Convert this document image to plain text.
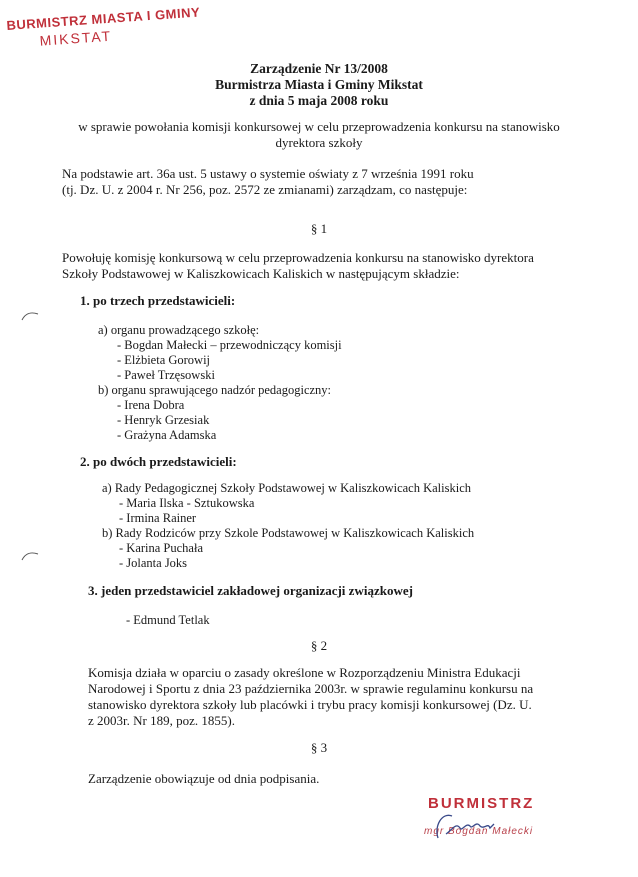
BURMISTRZ MIASTA I GMINY
MIKSTAT
Zarządzenie Nr 13/2008
Burmistrza Miasta i Gminy Mikstat
z dnia 5 maja 2008 roku
w sprawie powołania komisji konkursowej w celu przeprowadzenia konkursu na stanowisko
dyrektora szkoły
Na podstawie art. 36a ust. 5 ustawy o systemie oświaty z 7 września 1991 roku
(tj. Dz. U. z 2004 r. Nr 256, poz. 2572 ze zmianami) zarządzam, co następuje:
§ 1
Powołuję komisję konkursową w celu przeprowadzenia konkursu na stanowisko dyrektora
Szkoły Podstawowej w Kaliszkowicach Kaliskich w następującym składzie:
1. po trzech przedstawicieli:
a) organu prowadzącego szkołę:
- Bogdan Małecki – przewodniczący komisji
- Elżbieta Gorowij
- Paweł Trzęsowski
b) organu sprawującego nadzór pedagogiczny:
- Irena Dobra
- Henryk Grzesiak
- Grażyna Adamska
2. po dwóch przedstawicieli:
a) Rady Pedagogicznej Szkoły Podstawowej w Kaliszkowicach Kaliskich
- Maria Ilska - Sztukowska
- Irmina Rainer
b) Rady Rodziców przy Szkole Podstawowej w Kaliszkowicach Kaliskich
- Karina Puchała
- Jolanta Joks
3. jeden przedstawiciel zakładowej organizacji związkowej
- Edmund Tetlak
§ 2
Komisja działa w oparciu o zasady określone w Rozporządzeniu Ministra Edukacji
Narodowej i Sportu z dnia 23 października 2003r. w sprawie regulaminu konkursu na
stanowisko dyrektora szkoły lub placówki i trybu pracy komisji konkursowej (Dz. U.
z 2003r. Nr 189, poz. 1855).
§ 3
Zarządzenie obowiązuje od dnia podpisania.
BURMISTRZ
mgr Bogdan Małecki
